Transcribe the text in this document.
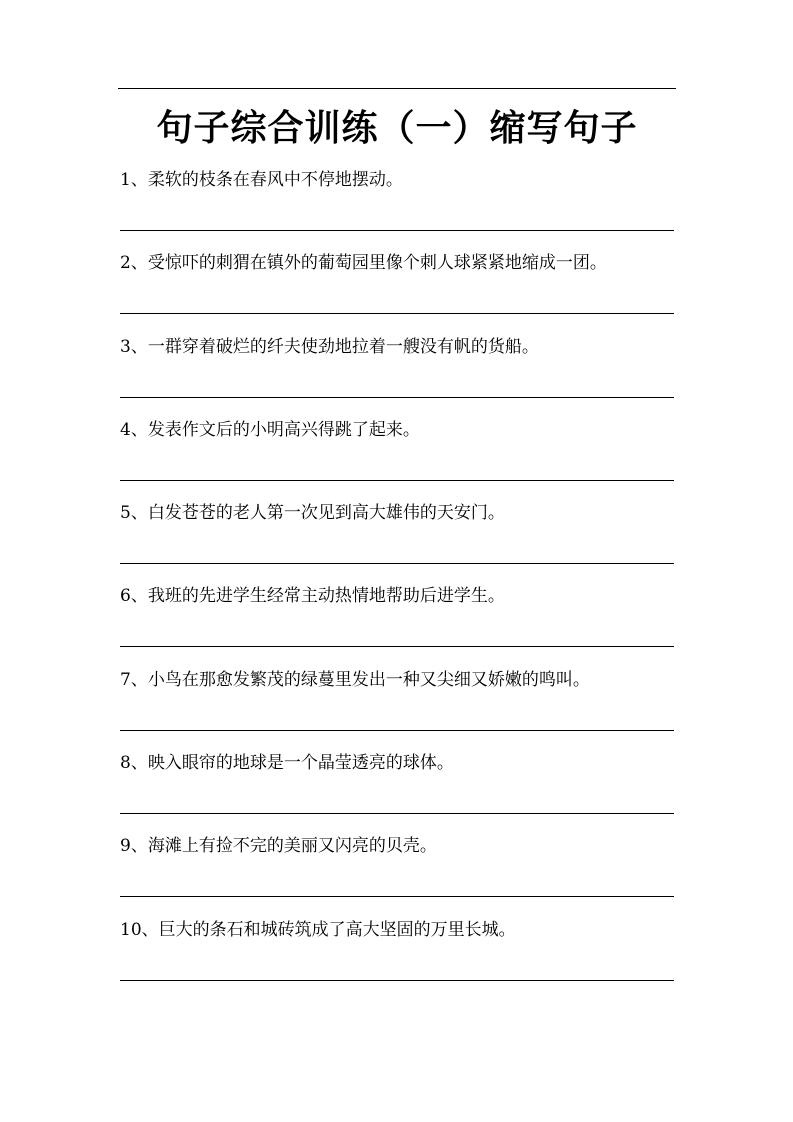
句子综合训练（一）缩写句子
1、柔软的枝条在春风中不停地摆动。
2、受惊吓的刺猬在镇外的葡萄园里像个刺人球紧紧地缩成一团。
3、一群穿着破烂的纤夫使劲地拉着一艘没有帆的货船。
4、发表作文后的小明高兴得跳了起来。
5、白发苍苍的老人第一次见到高大雄伟的天安门。
6、我班的先进学生经常主动热情地帮助后进学生。
7、小鸟在那愈发繁茂的绿蔓里发出一种又尖细又娇嫩的鸣叫。
8、映入眼帘的地球是一个晶莹透亮的球体。
9、海滩上有捡不完的美丽又闪亮的贝壳。
10、巨大的条石和城砖筑成了高大坚固的万里长城。
